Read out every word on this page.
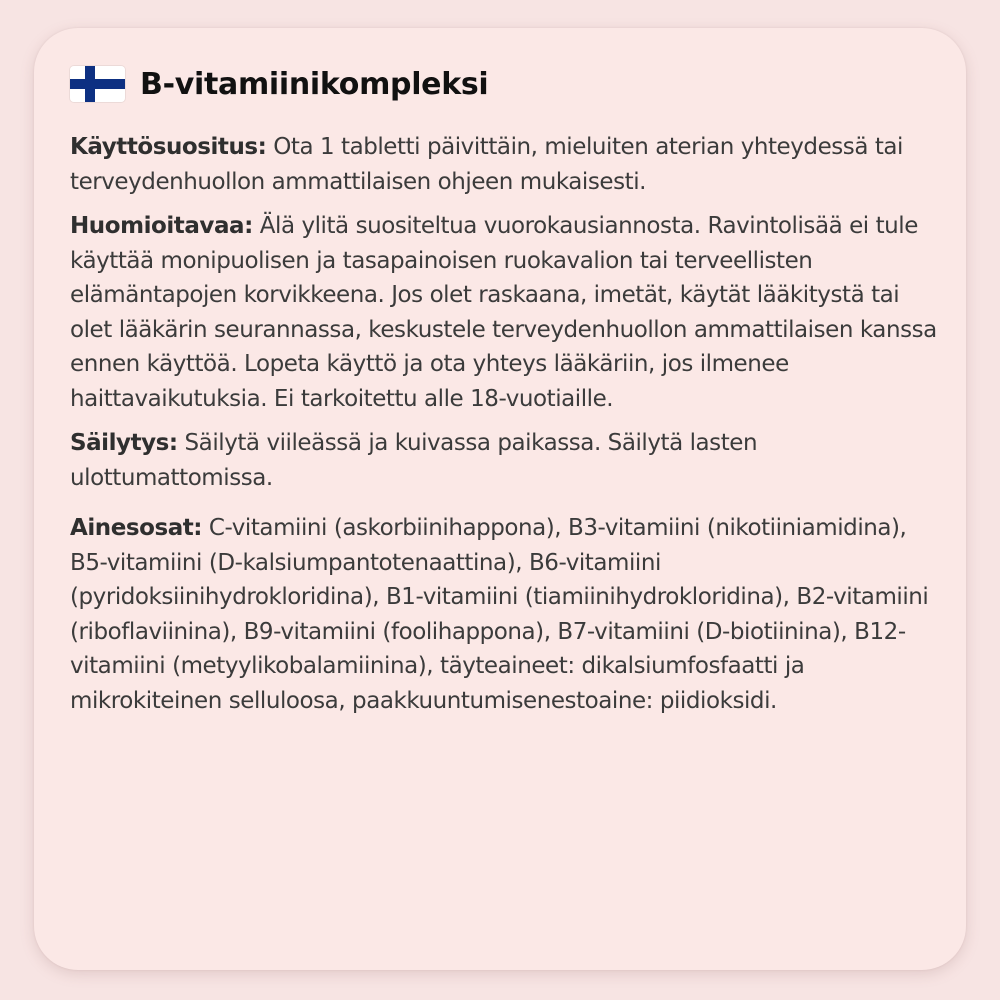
B-vitamiinikompleksi

Käyttösuositus: Ota 1 tabletti päivittäin, mieluiten aterian yhteydessä tai terveydenhuollon ammattilaisen ohjeen mukaisesti.

Huomioitavaa: Älä ylitä suositeltua vuorokausiannosta. Ravintolisää ei tule käyttää monipuolisen ja tasapainoisen ruokavalion tai terveellisten elämäntapojen korvikkeena. Jos olet raskaana, imetät, käytät lääkitystä tai olet lääkärin seurannassa, keskustele terveydenhuollon ammattilaisen kanssa ennen käyttöä. Lopeta käyttö ja ota yhteys lääkäriin, jos ilmenee haittavaikutuksia. Ei tarkoitettu alle 18-vuotiaille.

Säilytys: Säilytä viileässä ja kuivassa paikassa. Säilytä lasten ulottumattomissa.

Ainesosat: C-vitamiini (askorbiinihappona), B3-vitamiini (nikotiiniamidina), B5-vitamiini (D-kalsiumpantotenaattina), B6-vitamiini (pyridoksiinihydrokloridina), B1-vitamiini (tiamiinihydrokloridina), B2-vitamiini (riboflaviinina), B9-vitamiini (foolihappona), B7-vitamiini (D-biotiinina), B12-vitamiini (metyylikobalamiinina), täyteaineet: dikalsiumfosfaatti ja mikrokiteinen selluloosa, paakkuuntumisenestoaine: piidioksidi.
